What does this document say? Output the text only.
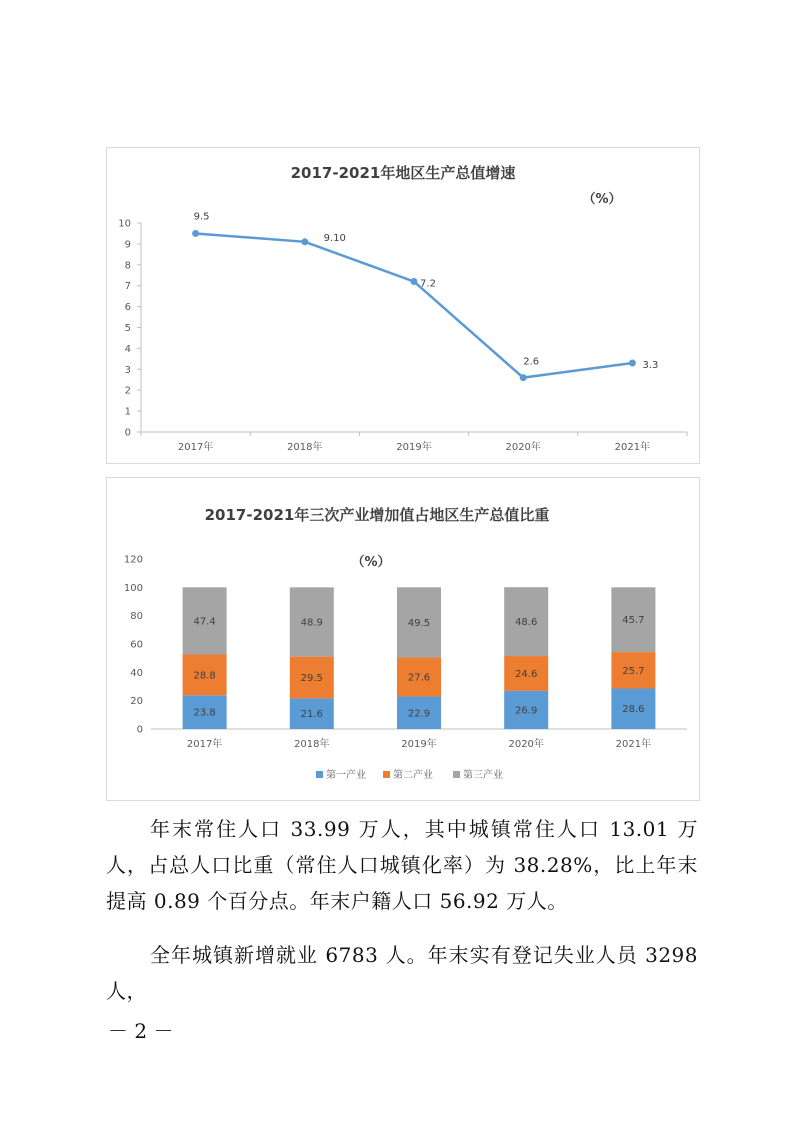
2017-2021年地区生产总值增速
（%）
0
1
2
3
4
5
6
7
8
9
10
2017年	2018年	2019年	2020年	2021年
9.5
9.10
7.2
2.6	3.3
2017-2021年三次产业增加值占地区生产总值比重
（%）
0
20
40
60
80
100
120
2017年
23.8
28.8
47.4
2018年
21.6
29.5
48.9
2019年
22.9
27.6
49.5
2020年
26.9
24.6
48.6
2021年
28.6
25.7
45.7
第一产业	第二产业	第三产业

年末常住人口 33.99 万人，其中城镇常住人口 13.01 万人，占总人口比重（常住人口城镇化率）为 38.28%，比上年末提高 0.89 个百分点。年末户籍人口 56.92 万人。

全年城镇新增就业 6783 人。年末实有登记失业人员 3298 人，

－ 2 －
